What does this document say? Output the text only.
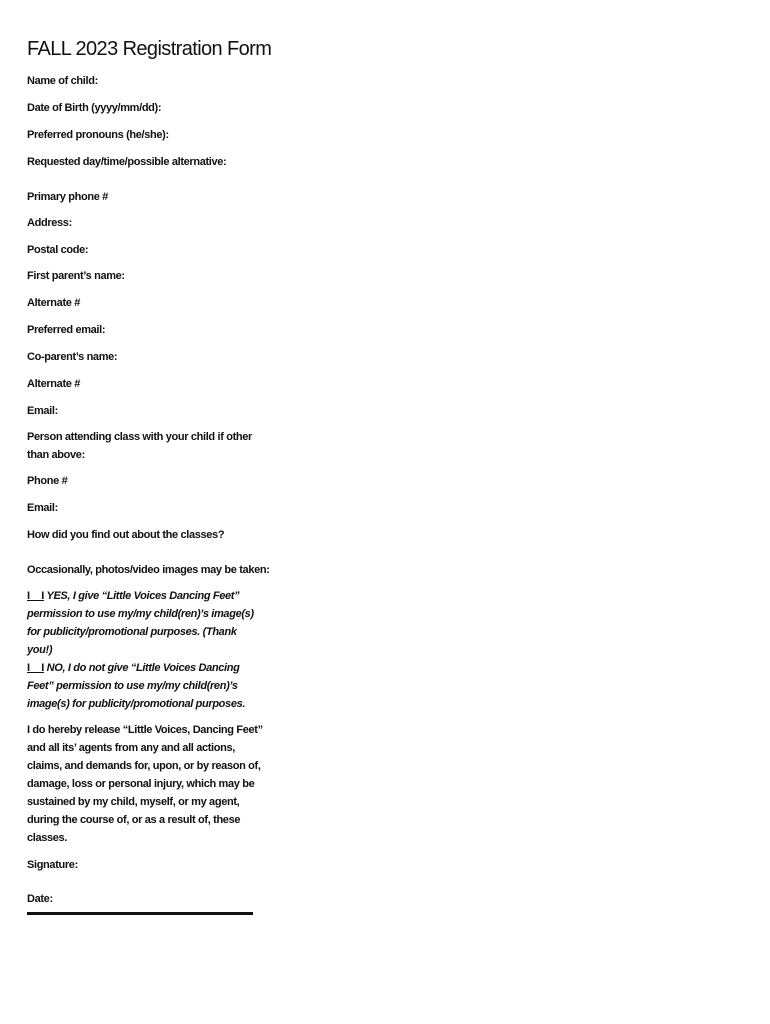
FALL 2023 Registration Form

Name of child:

Date of Birth (yyyy/mm/dd):

Preferred pronouns (he/she):

Requested day/time/possible alternative:

Primary phone #

Address:

Postal code:

First parent’s name:

Alternate #

Preferred email:

Co-parent’s name:

Alternate #

Email:

Person attending class with your child if other than above:

Phone #

Email:

How did you find out about the classes?

Occasionally, photos/video images may be taken:

I__I YES, I give “Little Voices Dancing Feet” permission to use my/my child(ren)’s image(s) for publicity/promotional purposes. (Thank you!)

I__I NO, I do not give “Little Voices Dancing Feet” permission to use my/my child(ren)’s image(s) for publicity/promotional purposes.

I do hereby release “Little Voices, Dancing Feet” and all its’ agents from any and all actions, claims, and demands for, upon, or by reason of, damage, loss or personal injury, which may be sustained by my child, myself, or my agent, during the course of, or as a result of, these classes.

Signature:

Date:
